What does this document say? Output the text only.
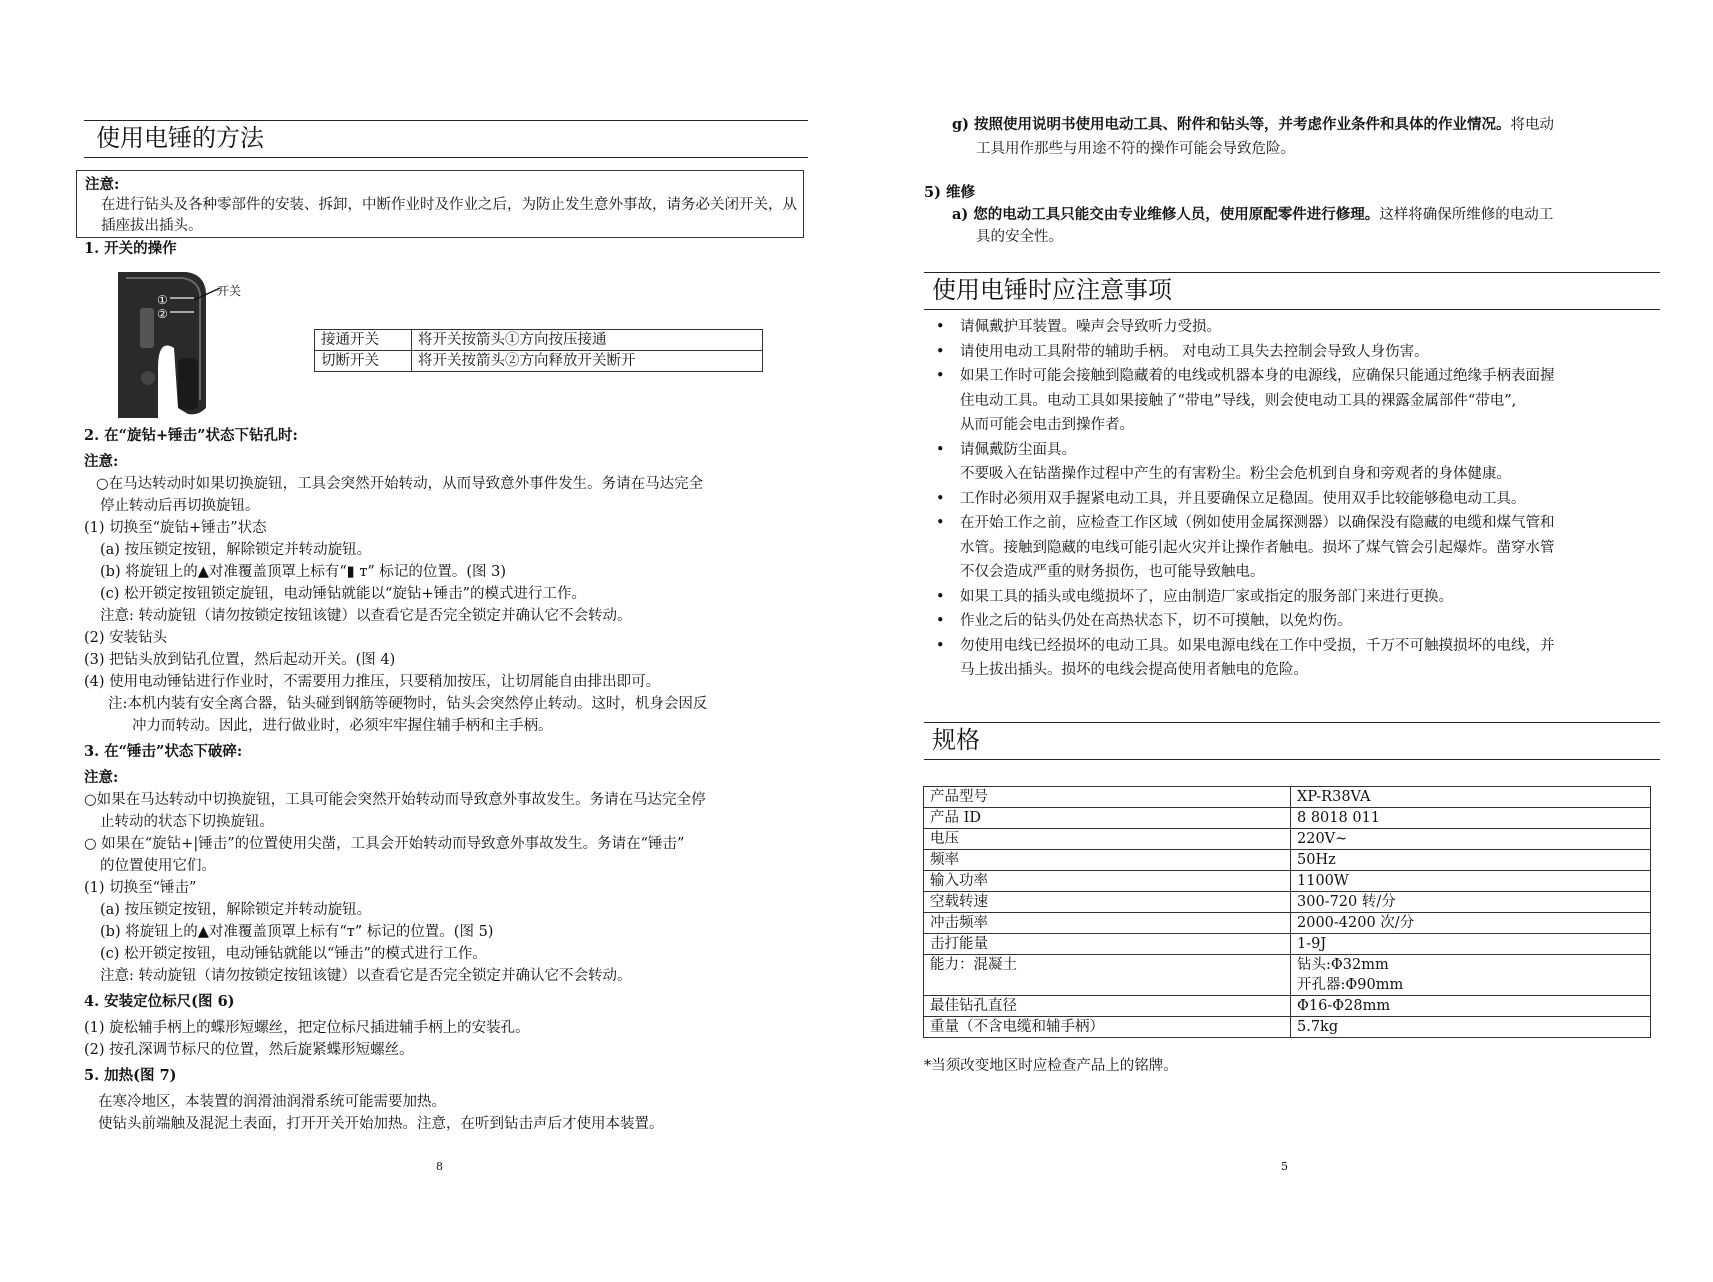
使用电锤的方法
注意:
在进行钻头及各种零部件的安装、拆卸，中断作业时及作业之后，为防止发生意外事故，请务必关闭开关，从插座拔出插头。
1. 开关的操作
开关
①
②
接通开关	将开关按箭头①方向按压接通
切断开关	将开关按箭头②方向释放开关断开
2. 在“旋钻+锤击”状态下钻孔时:
注意:
○在马达转动时如果切换旋钮，工具会突然开始转动，从而导致意外事件发生。务请在马达完全
停止转动后再切换旋钮。
(1) 切换至“旋钻+锤击”状态
(a) 按压锁定按钮，解除锁定并转动旋钮。
(b) 将旋钮上的▲对准覆盖顶罩上标有“▮ ᴛ” 标记的位置。(图 3)
(c) 松开锁定按钮锁定旋钮，电动锤钻就能以“旋钻+锤击”的模式进行工作。
注意: 转动旋钮（请勿按锁定按钮该键）以查看它是否完全锁定并确认它不会转动。
(2) 安装钻头
(3) 把钻头放到钻孔位置，然后起动开关。(图 4)
(4) 使用电动锤钻进行作业时，不需要用力推压，只要稍加按压，让切屑能自由排出即可。
注:本机内装有安全离合器，钻头碰到钢筋等硬物时，钻头会突然停止转动。这时，机身会因反
冲力而转动。因此，进行做业时，必须牢牢握住辅手柄和主手柄。
3. 在“锤击”状态下破碎:
注意:
○如果在马达转动中切换旋钮，工具可能会突然开始转动而导致意外事故发生。务请在马达完全停
止转动的状态下切换旋钮。
○ 如果在“旋钻+|锤击”的位置使用尖凿，工具会开始转动而导致意外事故发生。务请在“锤击”
的位置使用它们。
(1) 切换至“锤击”
(a) 按压锁定按钮，解除锁定并转动旋钮。
(b) 将旋钮上的▲对准覆盖顶罩上标有“ᴛ” 标记的位置。(图 5)
(c) 松开锁定按钮，电动锤钻就能以“锤击”的模式进行工作。
注意: 转动旋钮（请勿按锁定按钮该键）以查看它是否完全锁定并确认它不会转动。
4. 安装定位标尺(图 6)
(1) 旋松辅手柄上的蝶形短螺丝，把定位标尺插进辅手柄上的安装孔。
(2) 按孔深调节标尺的位置，然后旋紧蝶形短螺丝。
5. 加热(图 7)
在寒冷地区，本装置的润滑油润滑系统可能需要加热。
使钻头前端触及混泥土表面，打开开关开始加热。注意，在听到钻击声后才使用本装置。
8
g) 按照使用说明书使用电动工具、附件和钻头等，并考虑作业条件和具体的作业情况。将电动
工具用作那些与用途不符的操作可能会导致危险。
5) 维修
a) 您的电动工具只能交由专业维修人员，使用原配零件进行修理。这样将确保所维修的电动工
具的安全性。
使用电锤时应注意事项
• 请佩戴护耳装置。噪声会导致听力受损。
• 请使用电动工具附带的辅助手柄。 对电动工具失去控制会导致人身伤害。
• 如果工作时可能会接触到隐藏着的电线或机器本身的电源线，应确保只能通过绝缘手柄表面握
住电动工具。电动工具如果接触了“带电”导线，则会使电动工具的裸露金属部件“带电”,
从而可能会电击到操作者。
• 请佩戴防尘面具。
不要吸入在钻凿操作过程中产生的有害粉尘。粉尘会危机到自身和旁观者的身体健康。
• 工作时必须用双手握紧电动工具，并且要确保立足稳固。使用双手比较能够稳电动工具。
• 在开始工作之前，应检查工作区域（例如使用金属探测器）以确保没有隐藏的电缆和煤气管和
水管。接触到隐藏的电线可能引起火灾并让操作者触电。损坏了煤气管会引起爆炸。凿穿水管
不仅会造成严重的财务损伤，也可能导致触电。
• 如果工具的插头或电缆损坏了，应由制造厂家或指定的服务部门来进行更换。
• 作业之后的钻头仍处在高热状态下，切不可摸触，以免灼伤。
• 勿使用电线已经损坏的电动工具。如果电源电线在工作中受损，千万不可触摸损坏的电线，并
马上拔出插头。损坏的电线会提高使用者触电的危险。
规格
产品型号	XP-R38VA

产品 ID	8 8018 011

电压	220V~

频率	50Hz

输入功率	1100W

空载转速	300-720 转/分

冲击频率	2000-4200 次/分

击打能量	1-9J

能力：混凝土	钻头:Φ32mm
开孔器:Φ90mm

最佳钻孔直径	Φ16-Φ28mm

重量（不含电缆和辅手柄）	5.7kg
*当须改变地区时应检查产品上的铭牌。
5
